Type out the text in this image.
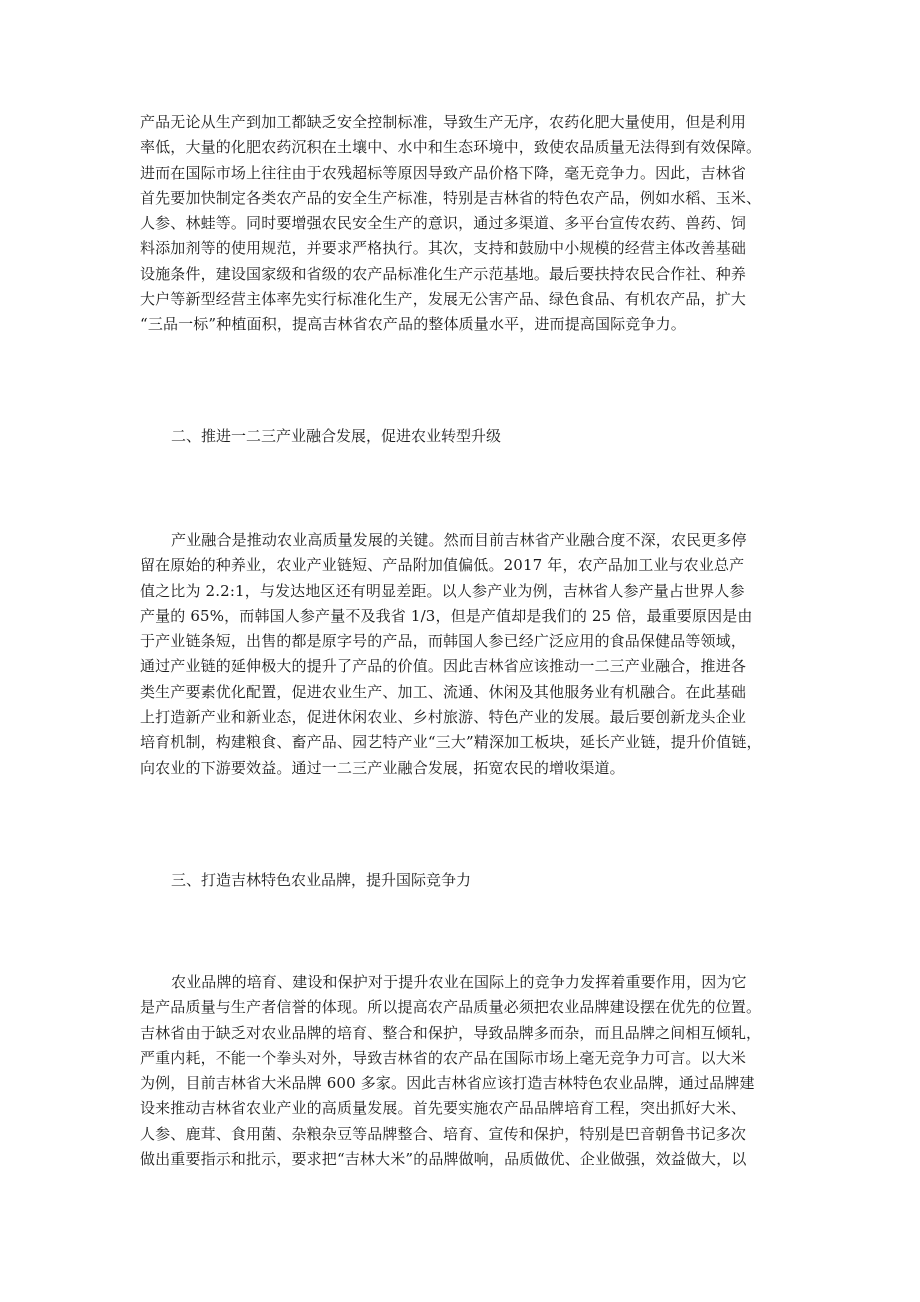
产品无论从生产到加工都缺乏安全控制标准，导致生产无序，农药化肥大量使用，但是利用
率低，大量的化肥农药沉积在土壤中、水中和生态环境中，致使农品质量无法得到有效保障。
进而在国际市场上往往由于农残超标等原因导致产品价格下降，毫无竞争力。因此，吉林省
首先要加快制定各类农产品的安全生产标准，特别是吉林省的特色农产品，例如水稻、玉米、
人参、林蛙等。同时要增强农民安全生产的意识，通过多渠道、多平台宣传农药、兽药、饲
料添加剂等的使用规范，并要求严格执行。其次，支持和鼓励中小规模的经营主体改善基础
设施条件，建设国家级和省级的农产品标准化生产示范基地。最后要扶持农民合作社、种养
大户等新型经营主体率先实行标准化生产，发展无公害产品、绿色食品、有机农产品，扩大
“三品一标”种植面积，提高吉林省农产品的整体质量水平，进而提高国际竞争力。
二、推进一二三产业融合发展，促进农业转型升级
产业融合是推动农业高质量发展的关键。然而目前吉林省产业融合度不深，农民更多停
留在原始的种养业，农业产业链短、产品附加值偏低。2017 年，农产品加工业与农业总产
值之比为 2.2:1，与发达地区还有明显差距。以人参产业为例，吉林省人参产量占世界人参
产量的 65%，而韩国人参产量不及我省 1/3，但是产值却是我们的 25 倍，最重要原因是由
于产业链条短，出售的都是原字号的产品，而韩国人参已经广泛应用的食品保健品等领域，
通过产业链的延伸极大的提升了产品的价值。因此吉林省应该推动一二三产业融合，推进各
类生产要素优化配置，促进农业生产、加工、流通、休闲及其他服务业有机融合。在此基础
上打造新产业和新业态，促进休闲农业、乡村旅游、特色产业的发展。最后要创新龙头企业
培育机制，构建粮食、畜产品、园艺特产业“三大”精深加工板块，延长产业链，提升价值链，
向农业的下游要效益。通过一二三产业融合发展，拓宽农民的增收渠道。
三、打造吉林特色农业品牌，提升国际竞争力
农业品牌的培育、建设和保护对于提升农业在国际上的竞争力发挥着重要作用，因为它
是产品质量与生产者信誉的体现。所以提高农产品质量必须把农业品牌建设摆在优先的位置。
吉林省由于缺乏对农业品牌的培育、整合和保护，导致品牌多而杂，而且品牌之间相互倾轧，
严重内耗，不能一个拳头对外，导致吉林省的农产品在国际市场上毫无竞争力可言。以大米
为例，目前吉林省大米品牌 600 多家。因此吉林省应该打造吉林特色农业品牌，通过品牌建
设来推动吉林省农业产业的高质量发展。首先要实施农产品品牌培育工程，突出抓好大米、
人参、鹿茸、食用菌、杂粮杂豆等品牌整合、培育、宣传和保护，特别是巴音朝鲁书记多次
做出重要指示和批示，要求把“吉林大米”的品牌做响，品质做优、企业做强，效益做大，以
